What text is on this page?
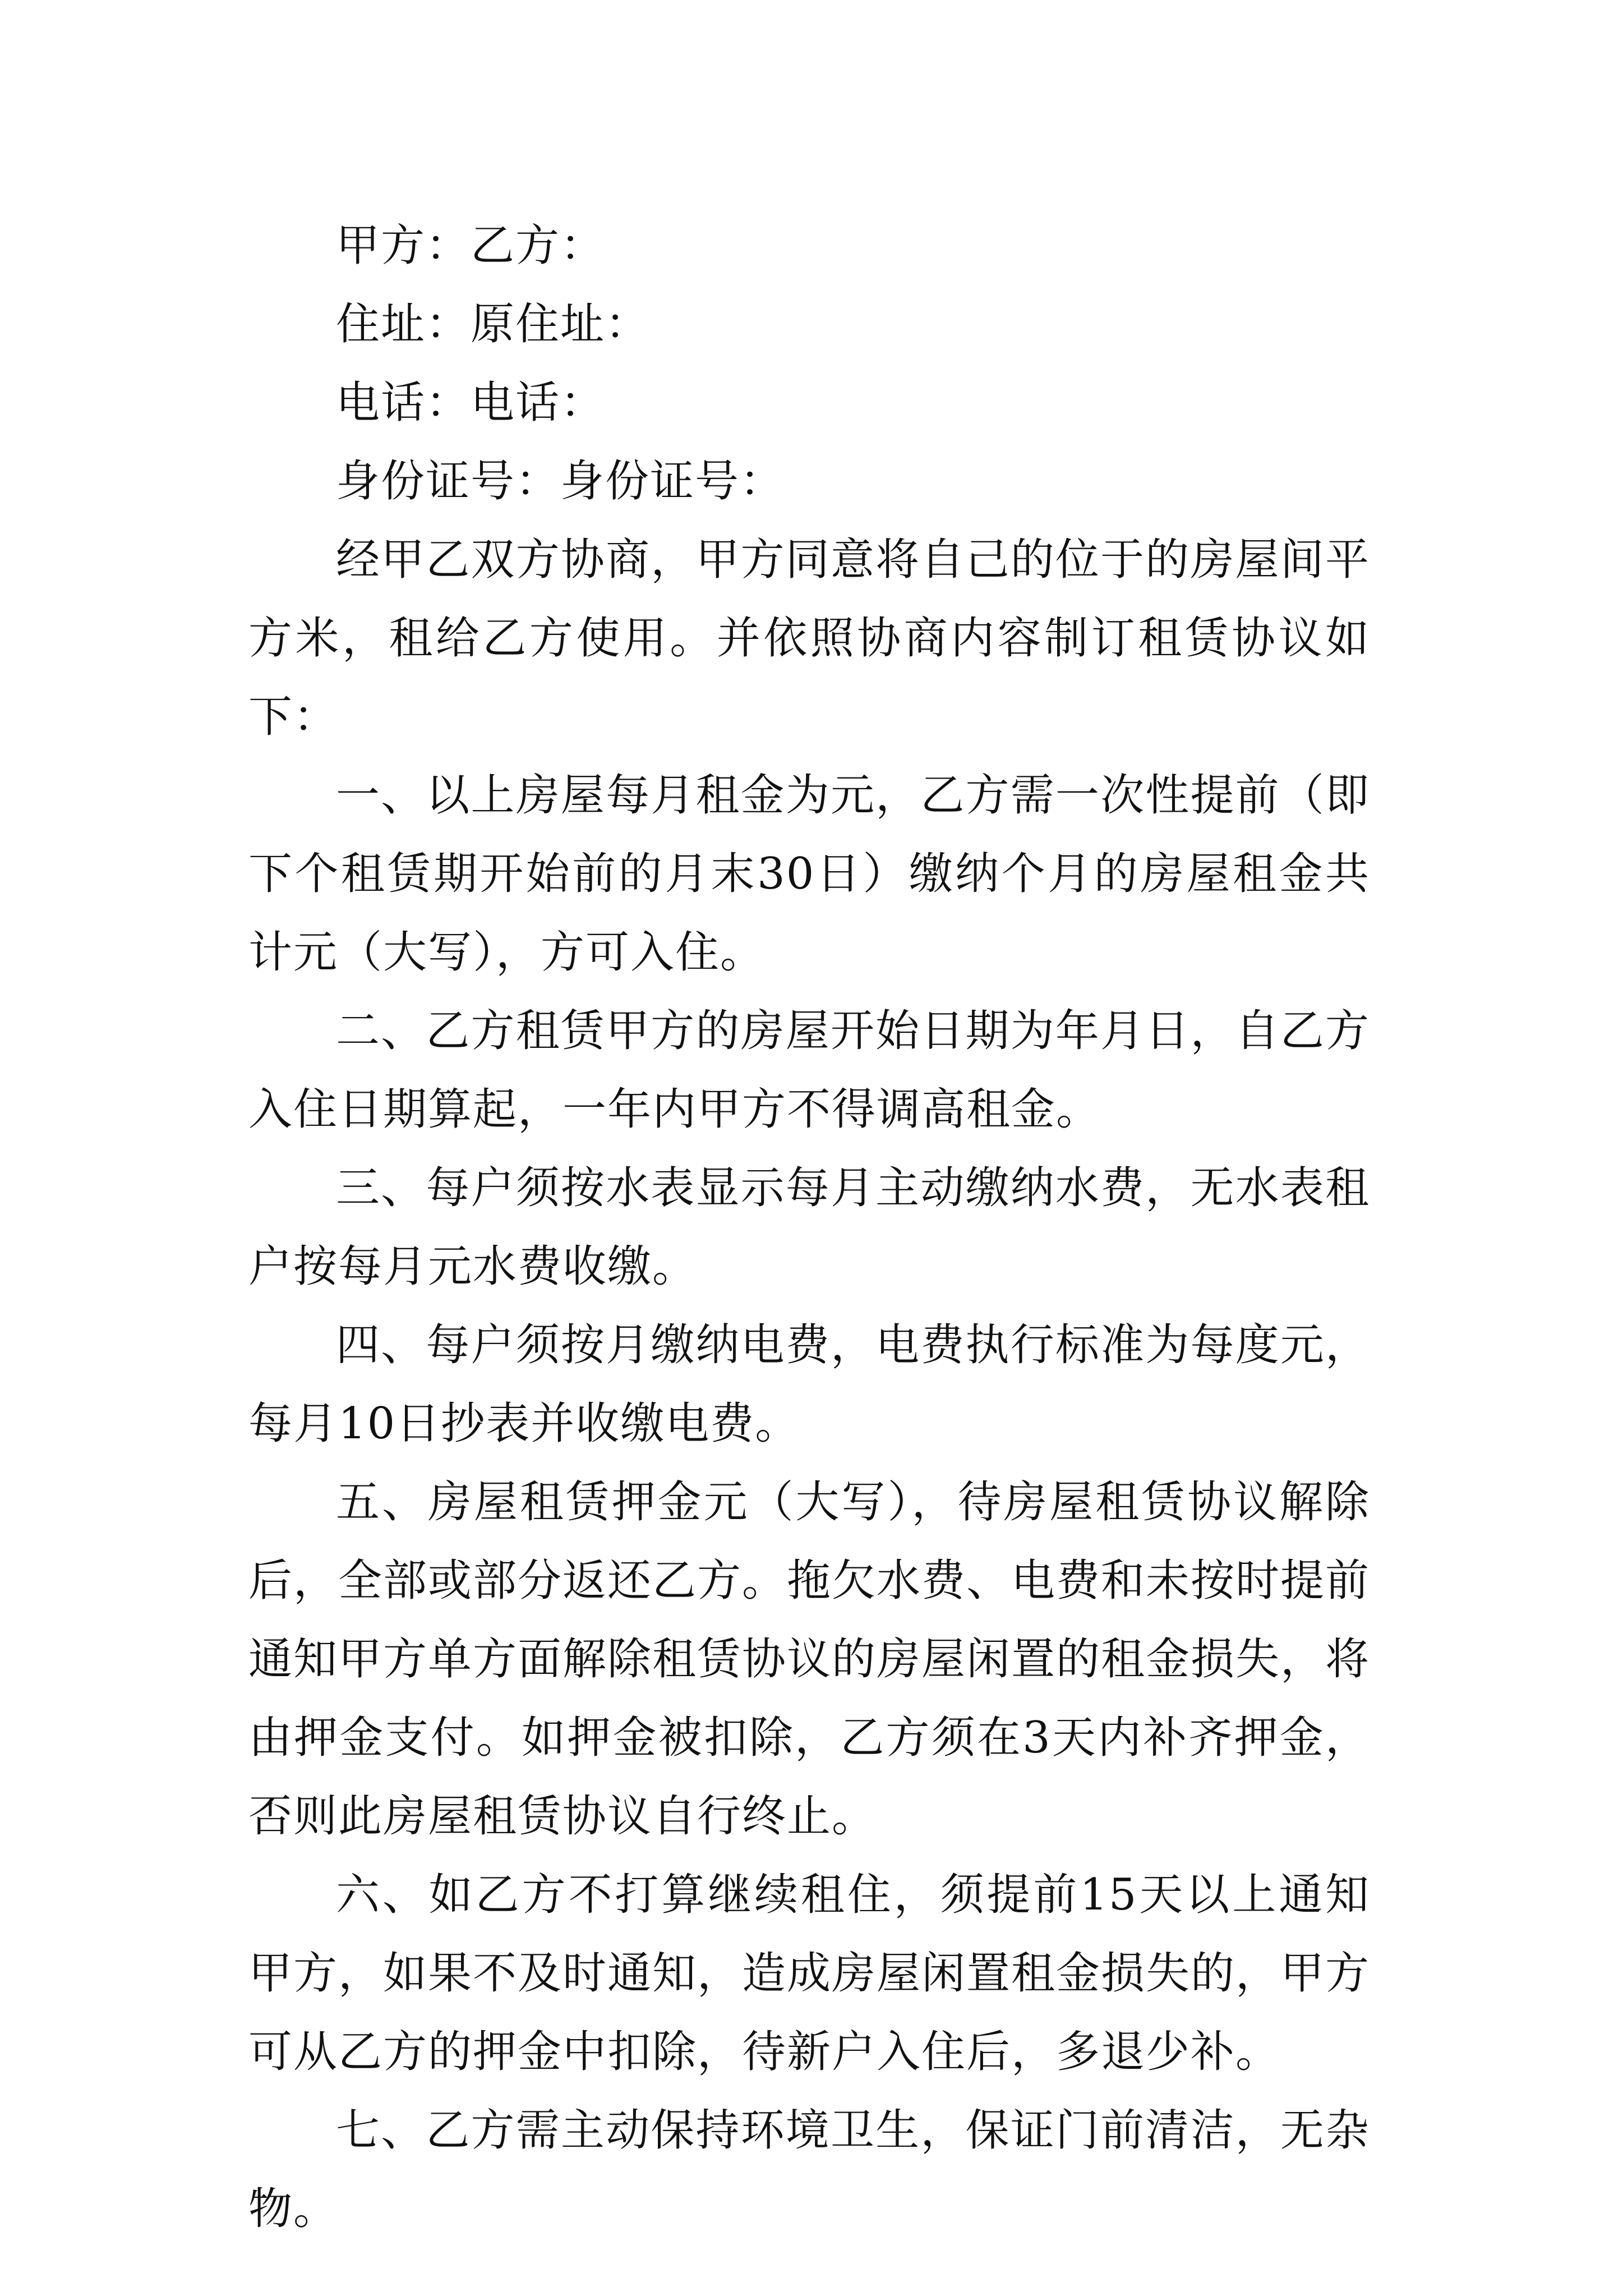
甲方：乙方：

住址：原住址：

电话：电话：

身份证号：身份证号：

经甲乙双方协商，甲方同意将自己的位于的房屋间平方米，租给乙方使用。并依照协商内容制订租赁协议如下：

一、以上房屋每月租金为元，乙方需一次性提前（即下个租赁期开始前的月末30日）缴纳个月的房屋租金共计元（大写），方可入住。

二、乙方租赁甲方的房屋开始日期为年月日，自乙方入住日期算起，一年内甲方不得调高租金。

三、每户须按水表显示每月主动缴纳水费，无水表租户按每月元水费收缴。

四、每户须按月缴纳电费，电费执行标准为每度元，每月10日抄表并收缴电费。

五、房屋租赁押金元（大写），待房屋租赁协议解除后，全部或部分返还乙方。拖欠水费、电费和未按时提前通知甲方单方面解除租赁协议的房屋闲置的租金损失，将由押金支付。如押金被扣除，乙方须在3天内补齐押金，否则此房屋租赁协议自行终止。

六、如乙方不打算继续租住，须提前15天以上通知甲方，如果不及时通知，造成房屋闲置租金损失的，甲方可从乙方的押金中扣除，待新户入住后，多退少补。

七、乙方需主动保持环境卫生，保证门前清洁，无杂物。
